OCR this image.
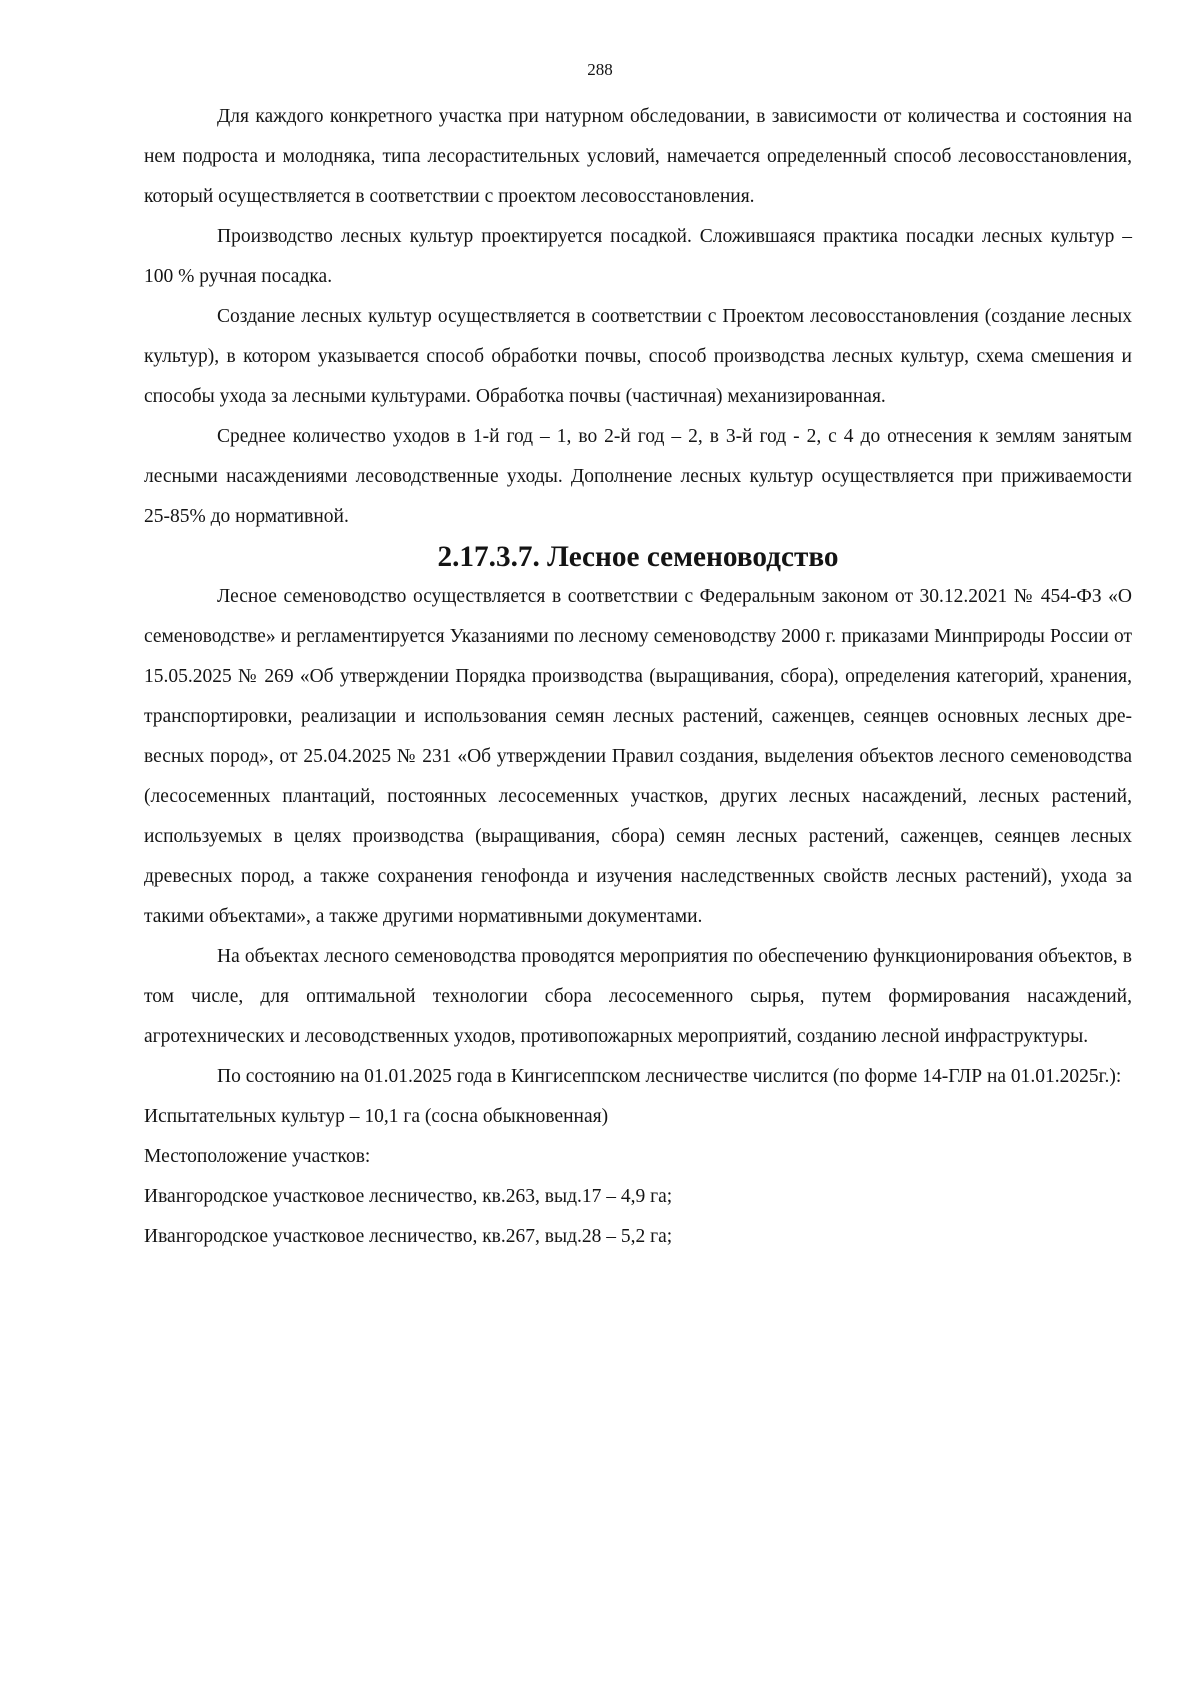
288

Для каждого конкретного участка при натурном обследовании, в зависимости от количества и состояния на нем подроста и молодняка, типа лесорастительных условий, намечается определенный способ лесовосстановления, который осуществляется в соответствии с проектом лесовосстановления.

Производство лесных культур проектируется посадкой. Сложившаяся практика посадки лесных культур – 100 % ручная посадка.

Создание лесных культур осуществляется в соответствии с Проектом лесовосстановления (создание лесных культур), в котором указывается способ обработки почвы, способ производства лесных культур, схема смешения и способы ухода за лесными культурами. Обработка почвы (частичная) механизированная.

Среднее количество уходов в 1-й год – 1, во 2-й год – 2, в 3-й год - 2, с 4 до отнесения к землям занятым лесными насаждениями лесоводственные уходы. Дополнение лесных культур осуществляется при приживаемости 25-85% до нормативной.

2.17.3.7. Лесное семеноводство

Лесное семеноводство осуществляется в соответствии с Федеральным законом от 30.12.2021 № 454-ФЗ «О семеноводстве» и регламентируется Указаниями по лесному семеноводству 2000 г. приказами Минприроды России от 15.05.2025 № 269 «Об утверждении Порядка производства (выращивания, сбора), определения категорий, хранения, транспортировки, реализации и использования семян лесных растений, саженцев, сеянцев основных лесных древесных пород», от 25.04.2025 № 231 «Об утверждении Правил создания, выделения объектов лесного семеноводства (лесосеменных плантаций, постоянных лесосеменных участков, других лесных насаждений, лесных растений, используемых в целях производства (выращивания, сбора) семян лесных растений, саженцев, сеянцев лесных древесных пород, а также сохранения генофонда и изучения наследственных свойств лесных растений), ухода за такими объектами», а также другими нормативными документами.

На объектах лесного семеноводства проводятся мероприятия по обеспечению функционирования объектов, в том числе, для оптимальной технологии сбора лесосеменного сырья, путем формирования насаждений, агротехнических и лесоводственных уходов, противопожарных мероприятий, созданию лесной инфраструктуры.

По состоянию на 01.01.2025 года в Кингисеппском лесничестве числится (по форме 14-ГЛР на 01.01.2025г.):

Испытательных культур – 10,1 га (сосна обыкновенная)

Местоположение участков:

Ивангородское участковое лесничество, кв.263, выд.17 – 4,9 га;

Ивангородское участковое лесничество, кв.267, выд.28 – 5,2 га;
